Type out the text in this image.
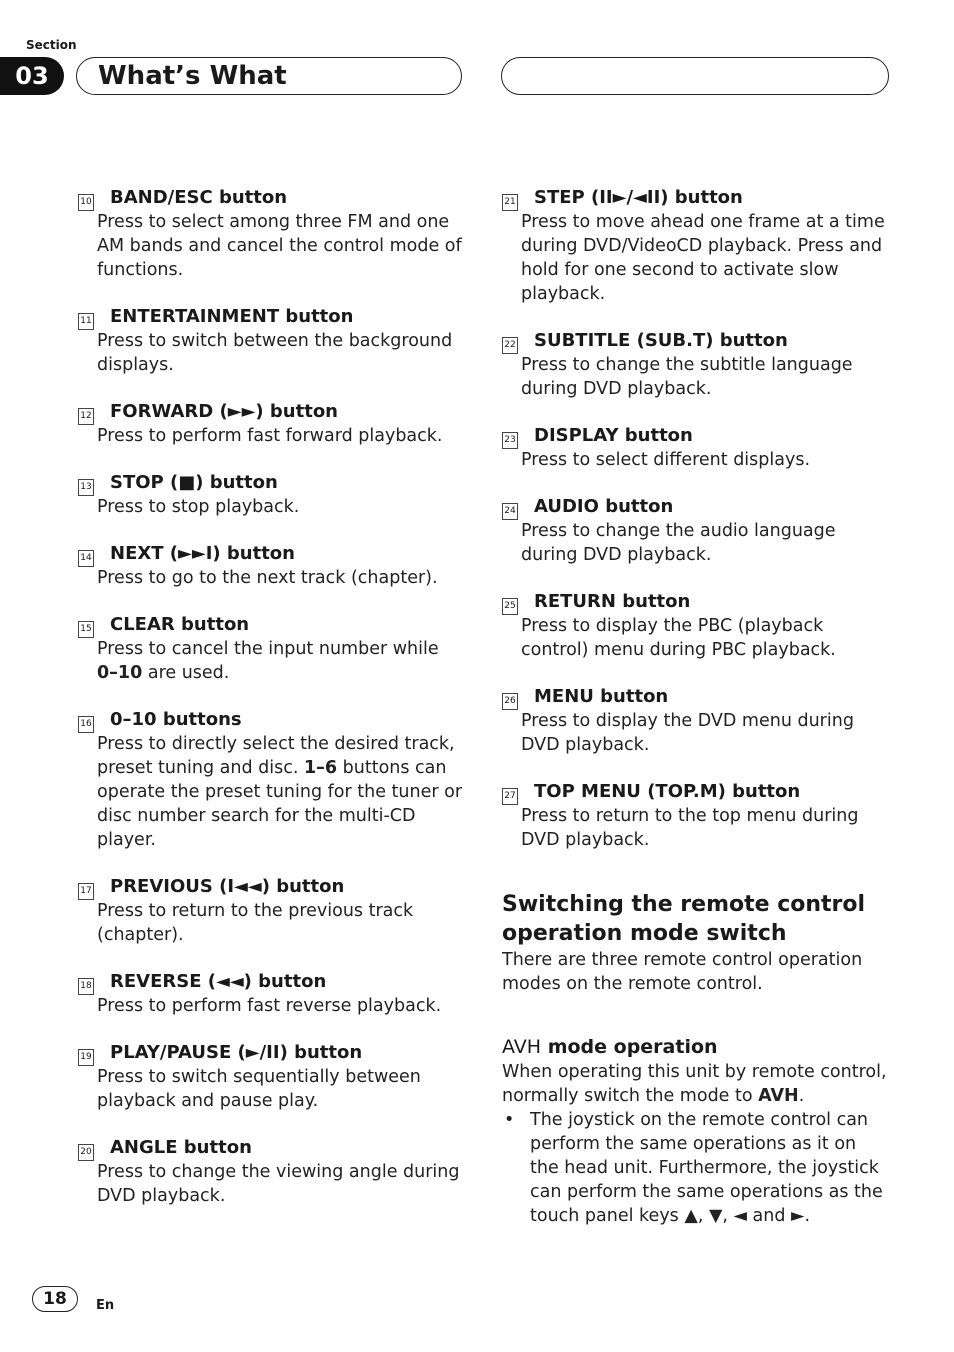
Section
03	What’s What
10 BAND/ESC button
Press to select among three FM and one AM bands and cancel the control mode of functions.
11 ENTERTAINMENT button
Press to switch between the background displays.
12 FORWARD (►►) button
Press to perform fast forward playback.
13 STOP (■) button
Press to stop playback.
14 NEXT (►►I) button
Press to go to the next track (chapter).
15 CLEAR button
Press to cancel the input number while 0–10 are used.
16 0–10 buttons
Press to directly select the desired track, preset tuning and disc. 1–6 buttons can operate the preset tuning for the tuner or disc number search for the multi-CD player.
17 PREVIOUS (I◄◄) button
Press to return to the previous track (chapter).
18 REVERSE (◄◄) button
Press to perform fast reverse playback.
19 PLAY/PAUSE (►/II) button
Press to switch sequentially between playback and pause play.
20 ANGLE button
Press to change the viewing angle during DVD playback.
21 STEP (II►/◄II) button
Press to move ahead one frame at a time during DVD/VideoCD playback. Press and hold for one second to activate slow playback.
22 SUBTITLE (SUB.T) button
Press to change the subtitle language during DVD playback.
23 DISPLAY button
Press to select different displays.
24 AUDIO button
Press to change the audio language during DVD playback.
25 RETURN button
Press to display the PBC (playback control) menu during PBC playback.
26 MENU button
Press to display the DVD menu during DVD playback.
27 TOP MENU (TOP.M) button
Press to return to the top menu during DVD playback.
Switching the remote control operation mode switch
There are three remote control operation modes on the remote control.
AVH mode operation
When operating this unit by remote control, normally switch the mode to AVH.
• The joystick on the remote control can perform the same operations as it on the head unit. Furthermore, the joystick can perform the same operations as the touch panel keys ▲, ▼, ◄ and ►.
18	En
